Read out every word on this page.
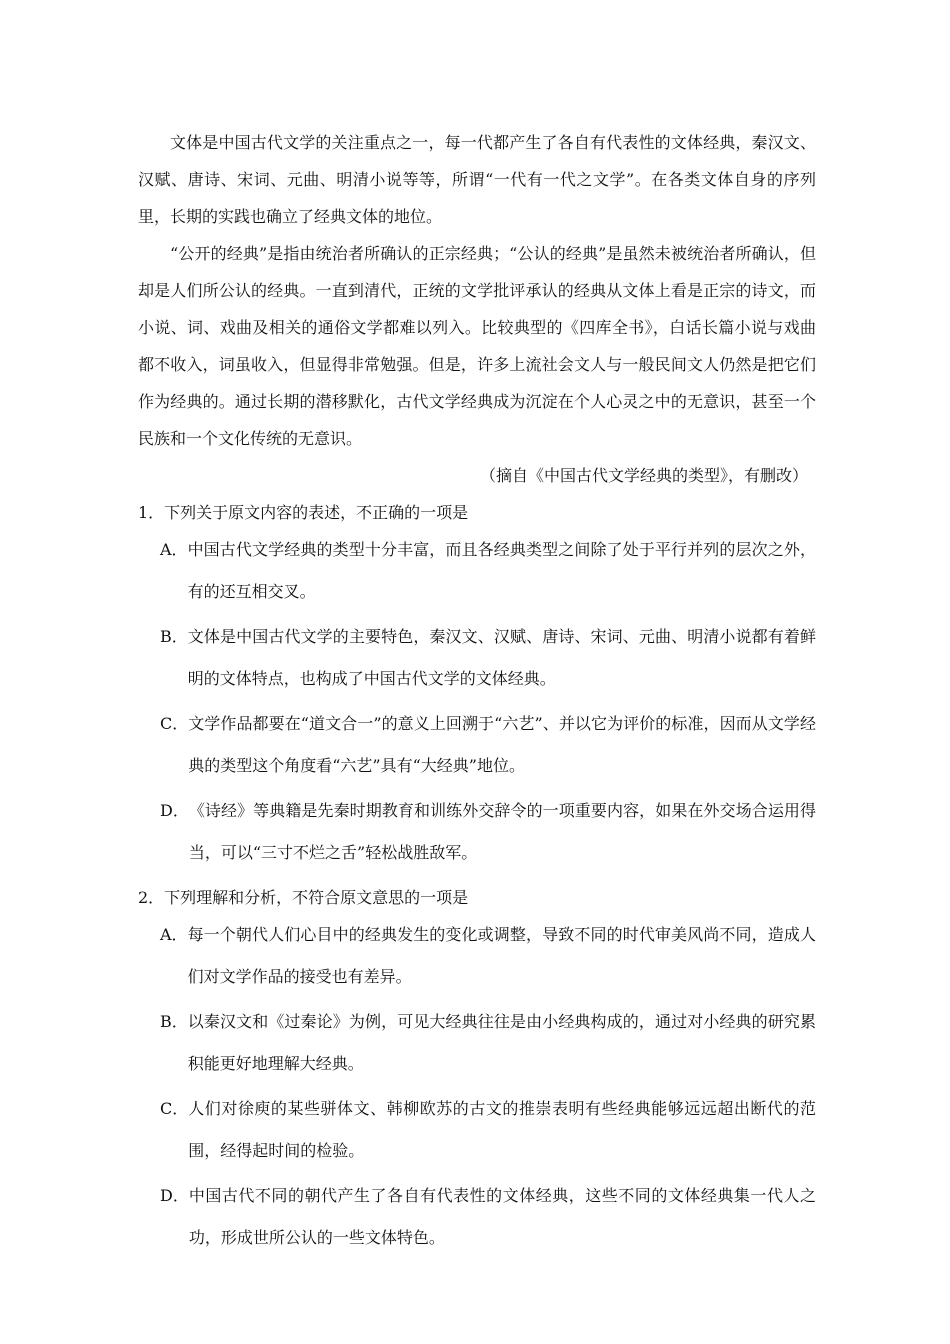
文体是中国古代文学的关注重点之一，每一代都产生了各自有代表性的文体经典，秦汉文、汉赋、唐诗、宋词、元曲、明清小说等等，所谓“一代有一代之文学”。在各类文体自身的序列里，长期的实践也确立了经典文体的地位。

“公开的经典”是指由统治者所确认的正宗经典；“公认的经典”是虽然未被统治者所确认，但却是人们所公认的经典。一直到清代，正统的文学批评承认的经典从文体上看是正宗的诗文，而小说、词、戏曲及相关的通俗文学都难以列入。比较典型的《四库全书》，白话长篇小说与戏曲都不收入，词虽收入，但显得非常勉强。但是，许多上流社会文人与一般民间文人仍然是把它们作为经典的。通过长期的潜移默化，古代文学经典成为沉淀在个人心灵之中的无意识，甚至一个民族和一个文化传统的无意识。

（摘自《中国古代文学经典的类型》，有删改）

1．下列关于原文内容的表述，不正确的一项是

A． 中国古代文学经典的类型十分丰富，而且各经典类型之间除了处于平行并列的层次之外，有的还互相交叉。
B． 文体是中国古代文学的主要特色，秦汉文、汉赋、唐诗、宋词、元曲、明清小说都有着鲜明的文体特点，也构成了中国古代文学的文体经典。
C． 文学作品都要在“道文合一”的意义上回溯于“六艺”、并以它为评价的标准，因而从文学经典的类型这个角度看“六艺”具有“大经典”地位。
D． 《诗经》等典籍是先秦时期教育和训练外交辞令的一项重要内容，如果在外交场合运用得当，可以“三寸不烂之舌”轻松战胜敌军。

2．下列理解和分析，不符合原文意思的一项是

A． 每一个朝代人们心目中的经典发生的变化或调整，导致不同的时代审美风尚不同，造成人们对文学作品的接受也有差异。
B． 以秦汉文和《过秦论》为例，可见大经典往往是由小经典构成的，通过对小经典的研究累积能更好地理解大经典。
C． 人们对徐庾的某些骈体文、韩柳欧苏的古文的推崇表明有些经典能够远远超出断代的范围，经得起时间的检验。
D． 中国古代不同的朝代产生了各自有代表性的文体经典，这些不同的文体经典集一代人之功，形成世所公认的一些文体特色。
